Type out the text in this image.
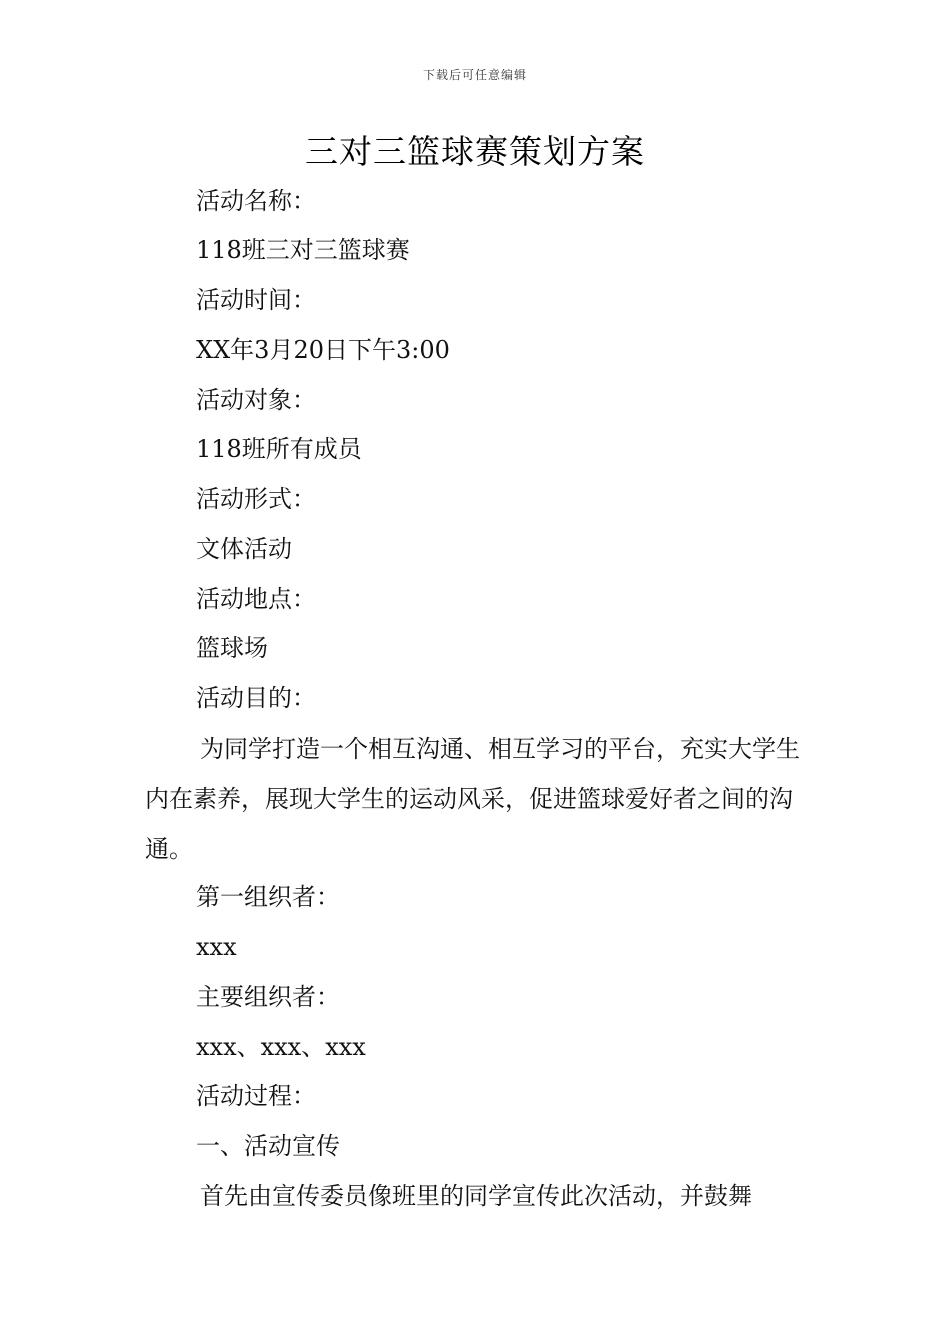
下载后可任意编辑
三对三篮球赛策划方案
活动名称：
118班三对三篮球赛
活动时间：
XX年3月20日下午3:00
活动对象：
118班所有成员
活动形式：
文体活动
活动地点：
篮球场
活动目的：
为同学打造一个相互沟通、相互学习的平台，充实大学生内在素养，展现大学生的运动风采，促进篮球爱好者之间的沟通。
第一组织者：
xxx
主要组织者：
xxx、xxx、xxx
活动过程：
一、活动宣传
首先由宣传委员像班里的同学宣传此次活动，并鼓舞
